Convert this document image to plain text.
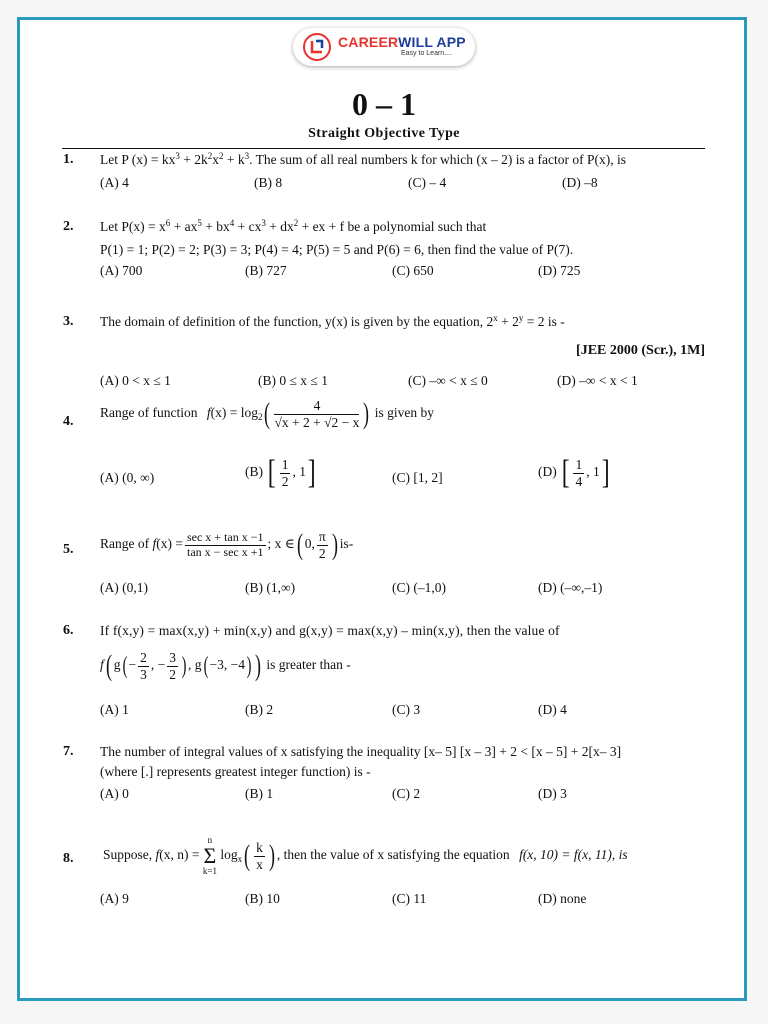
CAREERWILL APP
Easy to Learn....
0 – 1
Straight Objective Type
1. Let P $(x) = kx^3 + 2k^2x^2 + k^3$. The sum of all real numbers k for which (x – 2) is a factor of P(x), is
(A) 4	(B) 8	(C) – 4	(D) –8
2. Let $P(x) = x^6 + ax^5 + bx^4 + cx^3 + dx^2$ + ex + f be a polynomial such that
P(1) = 1; P(2) = 2; P(3) = 3; P(4) = 4; P(5) = 5 and P(6) = 6, then find the value of P(7).
(A) 700	(B) 727	(C) 650	(D) 725
3. The domain of definition of the function, y(x) is given by the equation, $2^x + 2^y = 2$ is -
[JEE 2000 (Scr.), 1M]
(A) 0 < x ≤ 1	(B) 0 ≤ x ≤ 1	(C) –∞ < x ≤ 0	(D) –∞ < x < 1
4.
Range of function $f(x) = \log_2( \frac{4}{√x + 2 + √2 - x}$ ) is given by
(A) (0, ∞)	(B) [ $\frac{1}{2}$ , 1]	(C) [1, 2]	(D) [ $\frac{1}{4}$ , 1]
5. Range of $f(x) = \frac{\text{sec x + tan x −1}}{\text{tan x − sec x +1}}$ ; x ∈( 0, $\frac{\pi}{2}$ ) is-
(A) (0,1)	(B) (1,∞)	(C) (–1,0)	(D) (–∞,–1)
6. If f(x,y) = max(x,y) + min(x,y) and g(x,y) = max(x,y) – min(x,y), then the value of
f( $g( - \frac{2}{3}$ , − $\frac{3}{2}$ ) , g( −3, −4) ) is greater than -
(A) 1	(B) 2	(C) 3	(D) 4
7. The number of integral values of x satisfying the inequality [x– 5] [x – 3] + 2 < [x – 5] + 2[x– 3]
(where [.] represents greatest integer function) is -
(A) 0	(B) 1	(C) 2	(D) 3
8. Suppose, f(x, n) = n
Σ
k=1 $\log_x( \frac{k}{x}$ ) , then the value of x satisfying the equation f(x, 10) = f(x, 11), is
(A) 9	(B) 10	(C) 11	(D) none
